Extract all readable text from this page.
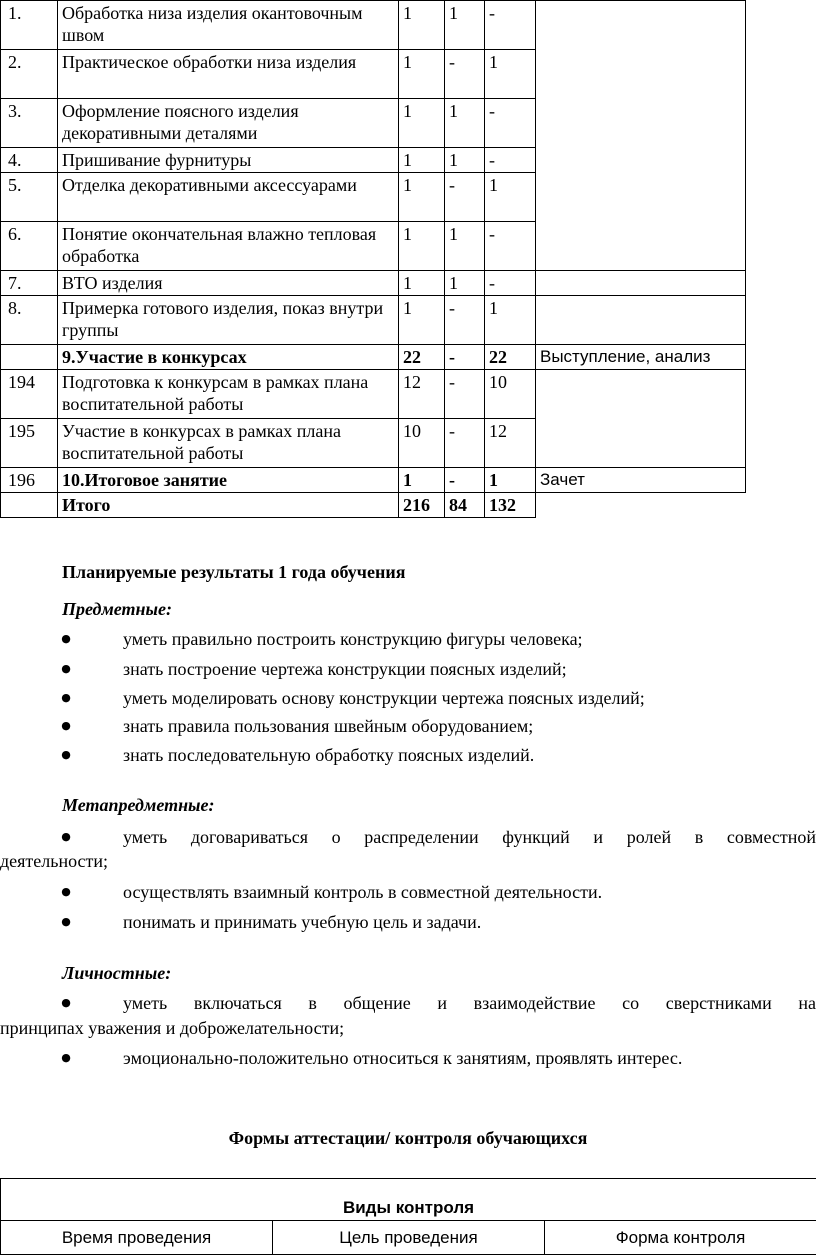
1.	Обработка низа изделия окантовочным швом	1	1	-	
2.	Практическое обработки низа изделия	1	-	1	
3.	Оформление поясного изделия декоративными деталями	1	1	-	
4.	Пришивание фурнитуры	1	1	-	
5.	Отделка декоративными аксессуарами	1	-	1	
6.	Понятие окончательная влажно тепловая обработка	1	1	-	
7.	ВТО изделия	1	1	-	
8.	Примерка готового изделия, показ внутри группы	1	-	1	
	9.Участие в конкурсах	22	-	22	Выступление, анализ
194	Подготовка к конкурсам в рамках плана воспитательной работы	12	-	10	
195	Участие в конкурсах в рамках плана воспитательной работы	10	-	12	
196	10.Итоговое занятие	1	-	1	Зачет
	Итого	216	84	132	
Планируемые результаты 1 года обучения
Предметные:
●	уметь правильно построить конструкцию фигуры человека;
●	знать построение чертежа конструкции поясных изделий;
●	уметь моделировать основу конструкции чертежа поясных изделий;
●	знать правила пользования швейным оборудованием;
●	знать последовательную обработку поясных изделий.
Метапредметные:
●	уметь договариваться о распределении функций и ролей в совместной
деятельности;
●	осуществлять взаимный контроль в совместной деятельности.
●	понимать и принимать учебную цель и задачи.
Личностные:
●	уметь включаться в общение и взаимодействие со сверстниками на
принципах уважения и доброжелательности;
●	эмоционально-положительно относиться к занятиям, проявлять интерес.
Формы аттестации/ контроля обучающихся
Виды контроля
Время проведения	Цель проведения	Форма контроля
